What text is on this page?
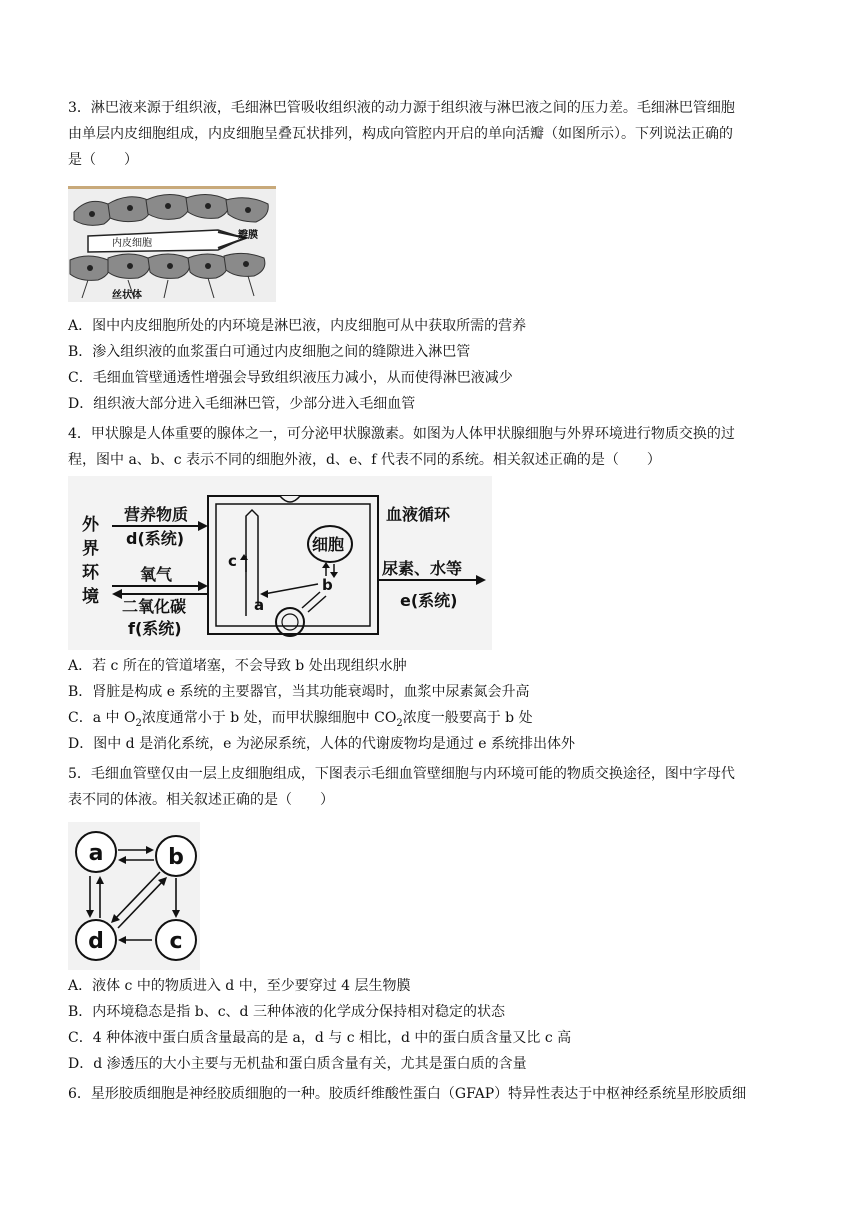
3．淋巴液来源于组织液，毛细淋巴管吸收组织液的动力源于组织液与淋巴液之间的压力差。毛细淋巴管细胞
由单层内皮细胞组成，内皮细胞呈叠瓦状排列，构成向管腔内开启的单向活瓣（如图所示）。下列说法正确的
是（　　）
内皮细胞
瓣膜
丝状体
A．图中内皮细胞所处的内环境是淋巴液，内皮细胞可从中获取所需的营养
B．渗入组织液的血浆蛋白可通过内皮细胞之间的缝隙进入淋巴管
C．毛细血管壁通透性增强会导致组织液压力减小，从而使得淋巴液减少
D．组织液大部分进入毛细淋巴管，少部分进入毛细血管
4．甲状腺是人体重要的腺体之一，可分泌甲状腺激素。如图为人体甲状腺细胞与外界环境进行物质交换的过
程，图中 a、b、c 表示不同的细胞外液，d、e、f 代表不同的系统。相关叙述正确的是（　　）
外
界
环
境
营养物质
d(系统)
氧气
二氧化碳
f(系统)
c
细胞
b
a
血液循环
尿素、水等
e(系统)
A．若 c 所在的管道堵塞，不会导致 b 处出现组织水肿
B．肾脏是构成 e 系统的主要器官，当其功能衰竭时，血浆中尿素氮会升高
C．a 中 $O_2$浓度通常小于 b 处，而甲状腺细胞中 $CO_2$浓度一般要高于 b 处
D．图中 d 是消化系统，e 为泌尿系统，人体的代谢废物均是通过 e 系统排出体外
5．毛细血管壁仅由一层上皮细胞组成，下图表示毛细血管壁细胞与内环境可能的物质交换途径，图中字母代
表不同的体液。相关叙述正确的是（　　）
a	b
d	c
A．液体 c 中的物质进入 d 中，至少要穿过 4 层生物膜
B．内环境稳态是指 b、c、d 三种体液的化学成分保持相对稳定的状态
C．4 种体液中蛋白质含量最高的是 a，d 与 c 相比，d 中的蛋白质含量又比 c 高
D．d 渗透压的大小主要与无机盐和蛋白质含量有关，尤其是蛋白质的含量
6．星形胶质细胞是神经胶质细胞的一种。胶质纤维酸性蛋白（GFAP）特异性表达于中枢神经系统星形胶质细
